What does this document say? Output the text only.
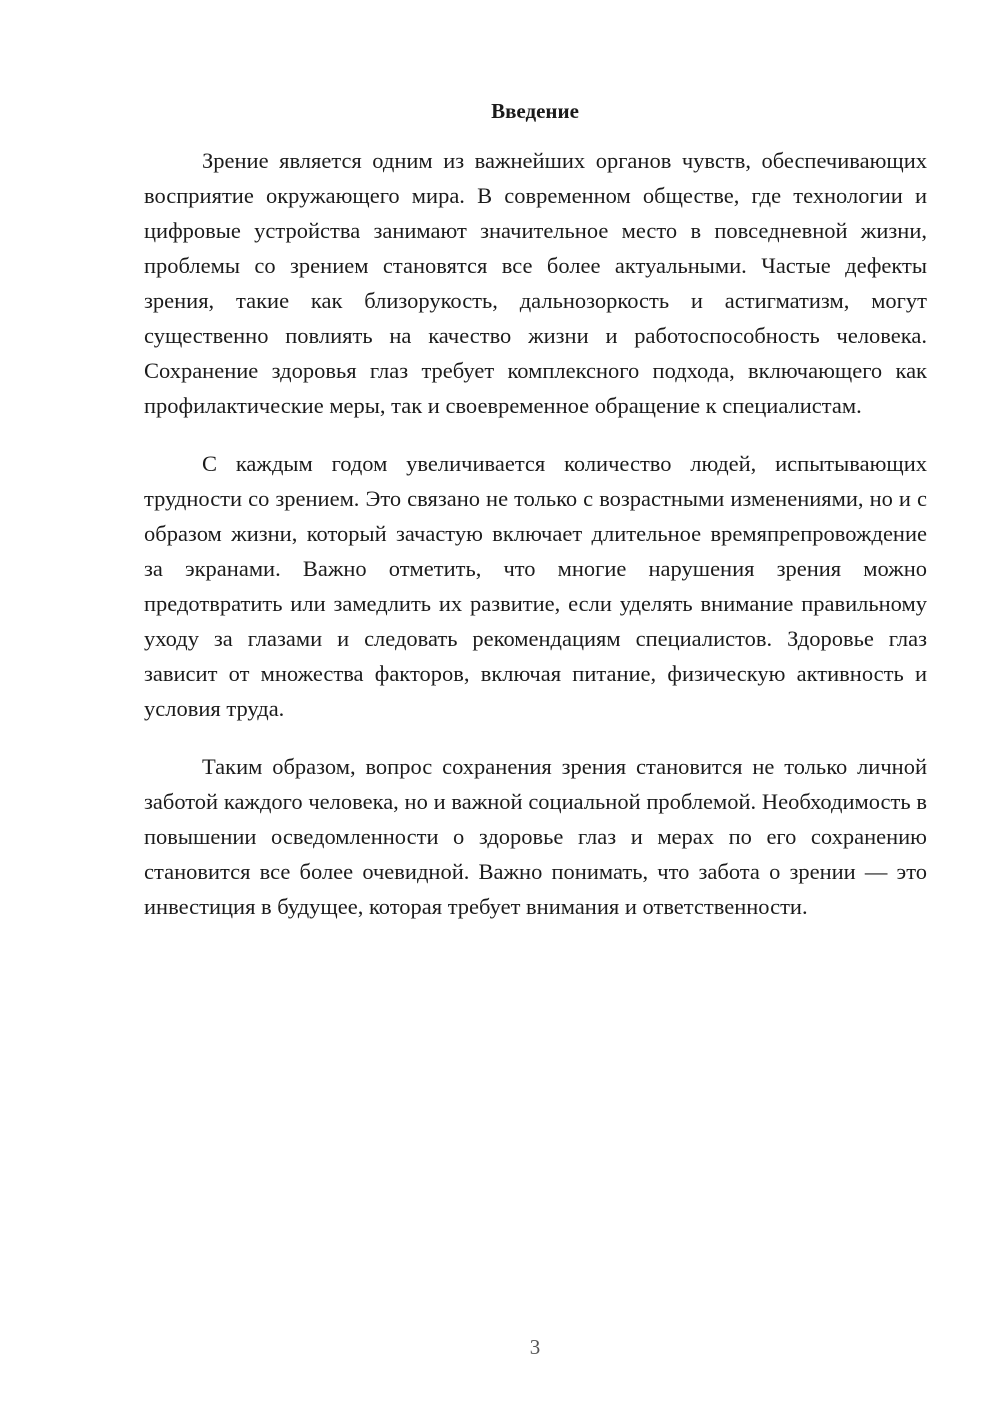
Введение

Зрение является одним из важнейших органов чувств, обеспечивающих восприятие окружающего мира. В современном обществе, где технологии и цифровые устройства занимают значительное место в повседневной жизни, проблемы со зрением становятся все более актуальными. Частые дефекты зрения, такие как близорукость, дальнозоркость и астигматизм, могут существенно повлиять на качество жизни и работоспособность человека. Сохранение здоровья глаз требует комплексного подхода, включающего как профилактические меры, так и своевременное обращение к специалистам.

С каждым годом увеличивается количество людей, испытывающих трудности со зрением. Это связано не только с возрастными изменениями, но и с образом жизни, который зачастую включает длительное времяпрепровождение за экранами. Важно отметить, что многие нарушения зрения можно предотвратить или замедлить их развитие, если уделять внимание правильному уходу за глазами и следовать рекомендациям специалистов. Здоровье глаз зависит от множества факторов, включая питание, физическую активность и условия труда.

Таким образом, вопрос сохранения зрения становится не только личной заботой каждого человека, но и важной социальной проблемой. Необходимость в повышении осведомленности о здоровье глаз и мерах по его сохранению становится все более очевидной. Важно понимать, что забота о зрении — это инвестиция в будущее, которая требует внимания и ответственности.

3
